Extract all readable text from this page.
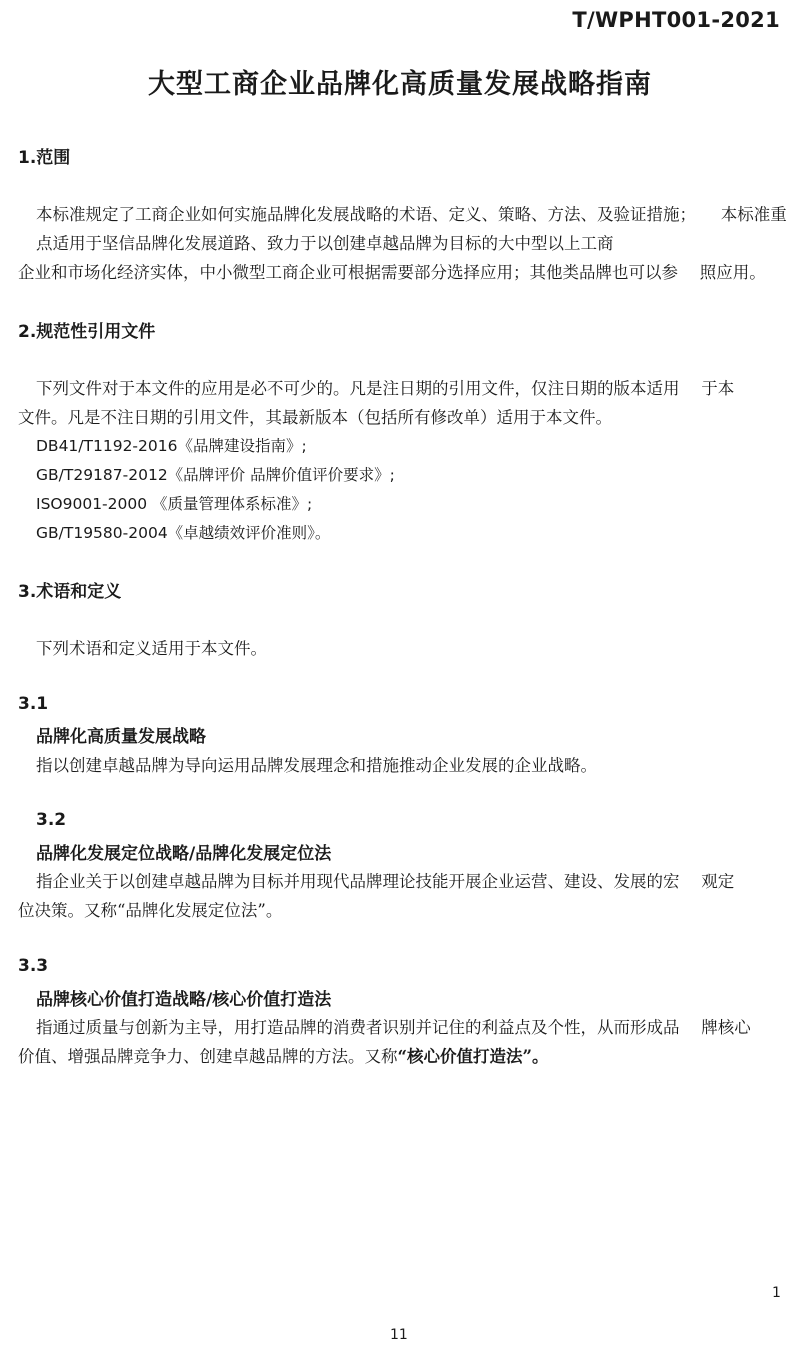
T/WPHT001-2021
大型工商企业品牌化高质量发展战略指南
1.范围
本标准规定了工商企业如何实施品牌化发展战略的术语、定义、策略、方法、及验证措施；　　本标准重
点适用于坚信品牌化发展道路、致力于以创建卓越品牌为目标的大中型以上工商
企业和市场化经济实体，中小微型工商企业可根据需要部分选择应用；其他类品牌也可以参　 照应用。
2.规范性引用文件
下列文件对于本文件的应用是必不可少的。凡是注日期的引用文件，仅注日期的版本适用　 于本
文件。凡是不注日期的引用文件，其最新版本（包括所有修改单）适用于本文件。
DB41/T1192-2016《品牌建设指南》;
GB/T29187-2012《品牌评价 品牌价值评价要求》;
ISO9001-2000 《质量管理体系标准》;
GB/T19580-2004《卓越绩效评价准则》。
3.术语和定义
下列术语和定义适用于本文件。
3.1
品牌化高质量发展战略
指以创建卓越品牌为导向运用品牌发展理念和措施推动企业发展的企业战略。
3.2
品牌化发展定位战略/品牌化发展定位法
指企业关于以创建卓越品牌为目标并用现代品牌理论技能开展企业运营、建设、发展的宏　 观定
位决策。又称“品牌化发展定位法”。
3.3
品牌核心价值打造战略/核心价值打造法
指通过质量与创新为主导，用打造品牌的消费者识别并记住的利益点及个性，从而形成品　 牌核心
价值、增强品牌竞争力、创建卓越品牌的方法。又称“核心价值打造法”。
1
11
